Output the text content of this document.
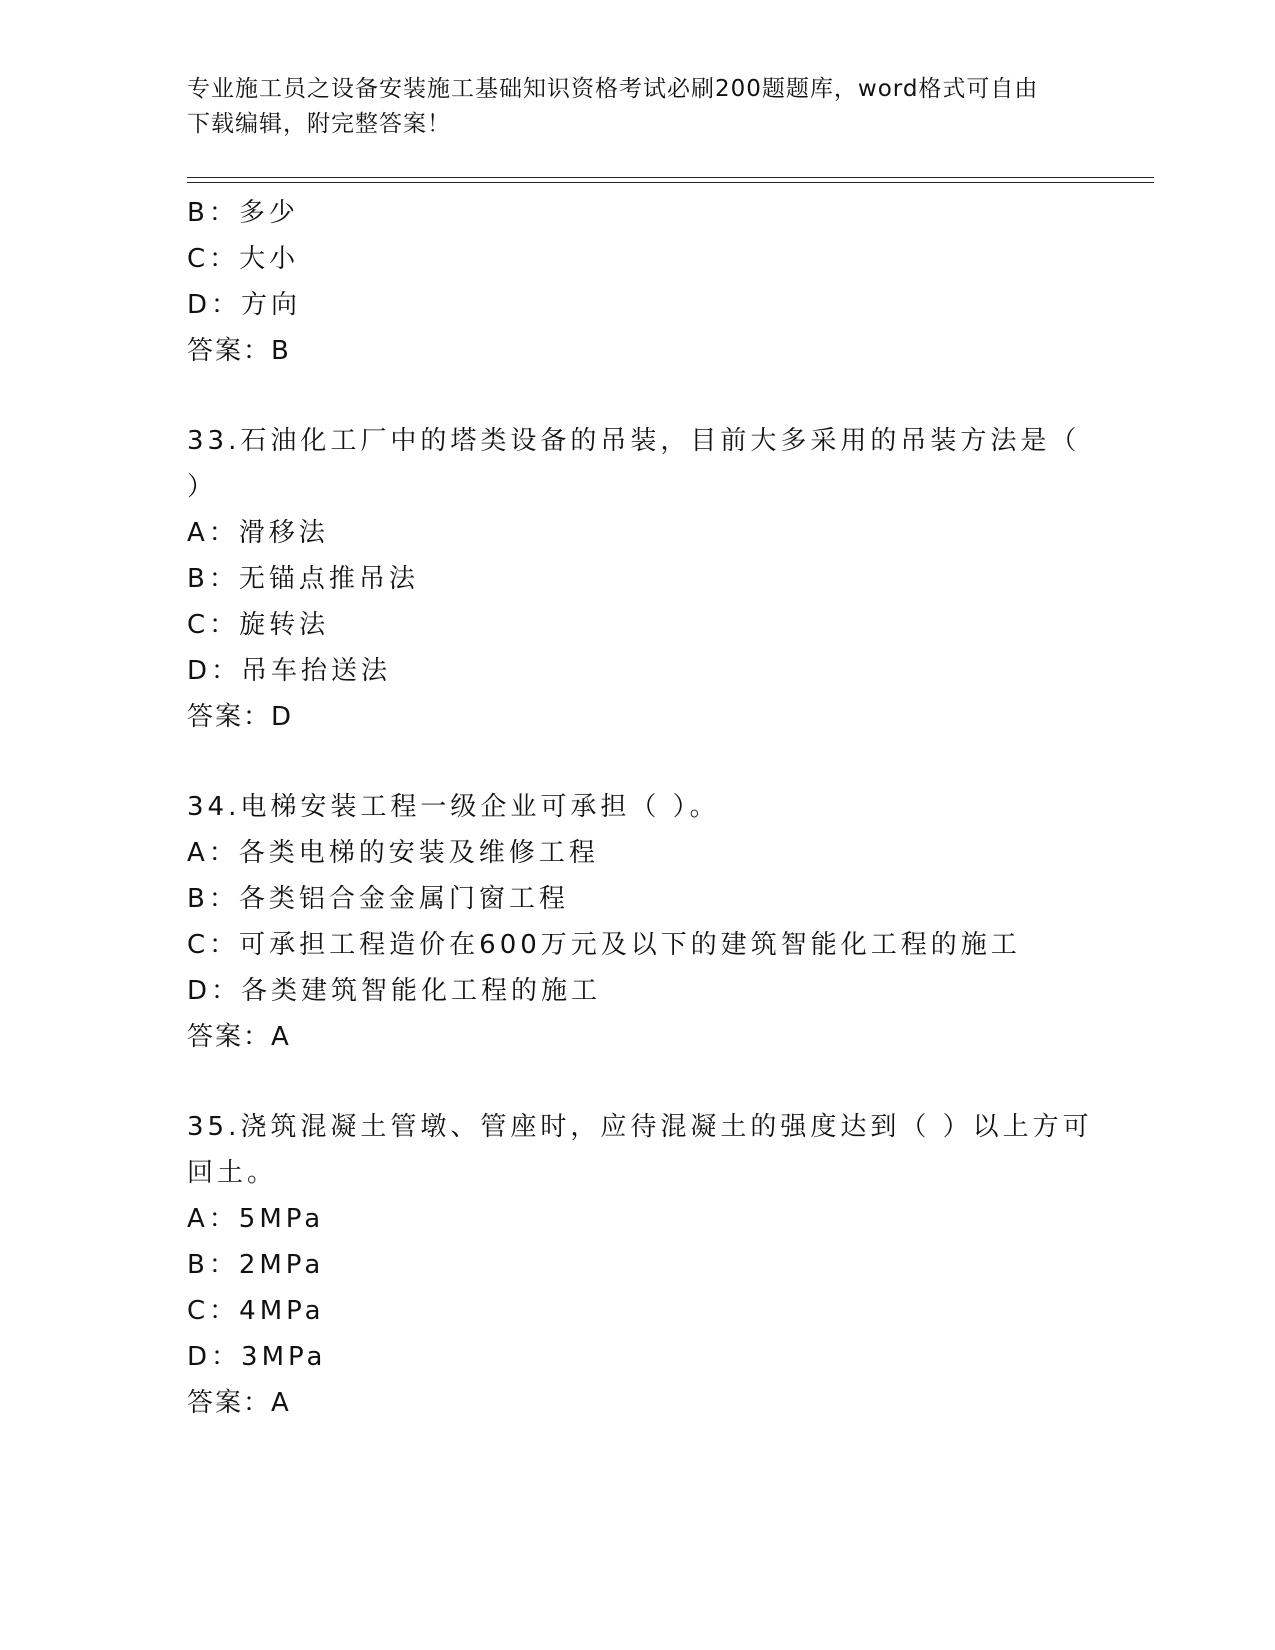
专业施工员之设备安装施工基础知识资格考试必刷200题题库，word格式可自由
下载编辑，附完整答案！
B：多少
C：大小
D：方向
答案：B
33.石油化工厂中的塔类设备的吊装，目前大多采用的吊装方法是（
）
A：滑移法
B：无锚点推吊法
C：旋转法
D：吊车抬送法
答案：D
34.电梯安装工程一级企业可承担（ ）。
A：各类电梯的安装及维修工程
B：各类铝合金金属门窗工程
C：可承担工程造价在600万元及以下的建筑智能化工程的施工
D：各类建筑智能化工程的施工
答案：A
35.浇筑混凝土管墩、管座时，应待混凝土的强度达到（ ）以上方可
回土。
A：5MPa
B：2MPa
C：4MPa
D：3MPa
答案：A
